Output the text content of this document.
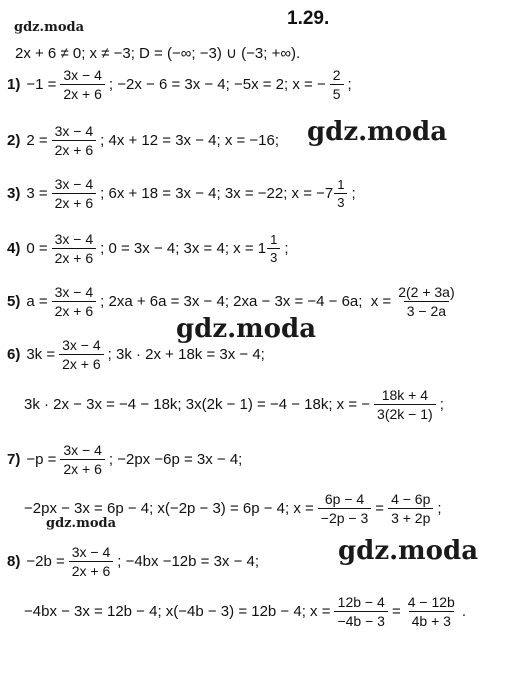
gdz.moda
gdz.moda
gdz.moda
gdz.moda
gdz.moda
1.29.
2x + 6 ≠ 0; x ≠ −3; D = (−∞; −3) ∪ (−3; +∞).
$1) -1 = \frac{3x - 4}{2x + 6}$ ; −2x − 6 = 3x − 4; −5x = 2; x = − $\frac{2}{5}$ ;
2) $2 = \frac{3x - 4}{2x + 6}$ ; 4x + 12 = 3x − 4; x = −16;
3) $3 = \frac{3x - 4}{2x + 6}$ ; 6x + 18 = 3x − 4; 3x = −22; $x = -7 \frac{1}{3}$ ;
4) $0 = \frac{3x - 4}{2x + 6}$ ; 0 = 3x − 4; 3x = 4; $x = 1 \frac{1}{3}$ ;
5) $a = \frac{3x - 4}{2x + 6}$ ; 2xa + 6a = 3x − 4; 2xa − 3x = −4 − 6a;  $x = \frac{2(2 + 3a)}{3 - 2a}$
6) $3k = \frac{3x - 4}{2x + 6}$ ; 3k · 2x + 18k = 3x − 4;
3k · 2x − 3x = −4 − 18k; 3x(2k − 1) = −4 − 18k; x = − $\frac{18k + 4}{3(2k - 1)}$ ;
$7) -p = \frac{3x - 4}{2x + 6}$ ; −2px −6p = 3x − 4;
−2px − 3x = 6p − 4; x(−2p − 3) = 6p − 4; $x = \frac{6p - 4}{-2p - 3} = \frac{4 - 6p}{3 + 2p}$ ;
$8) -2b = \frac{3x - 4}{2x + 6}$ ; −4bx −12b = 3x − 4;
−4bx − 3x = 12b − 4; x(−4b − 3) = 12b − 4; $x = \frac{12b - 4}{-4b - 3} = \frac{4 - 12b}{4b + 3}$ .
